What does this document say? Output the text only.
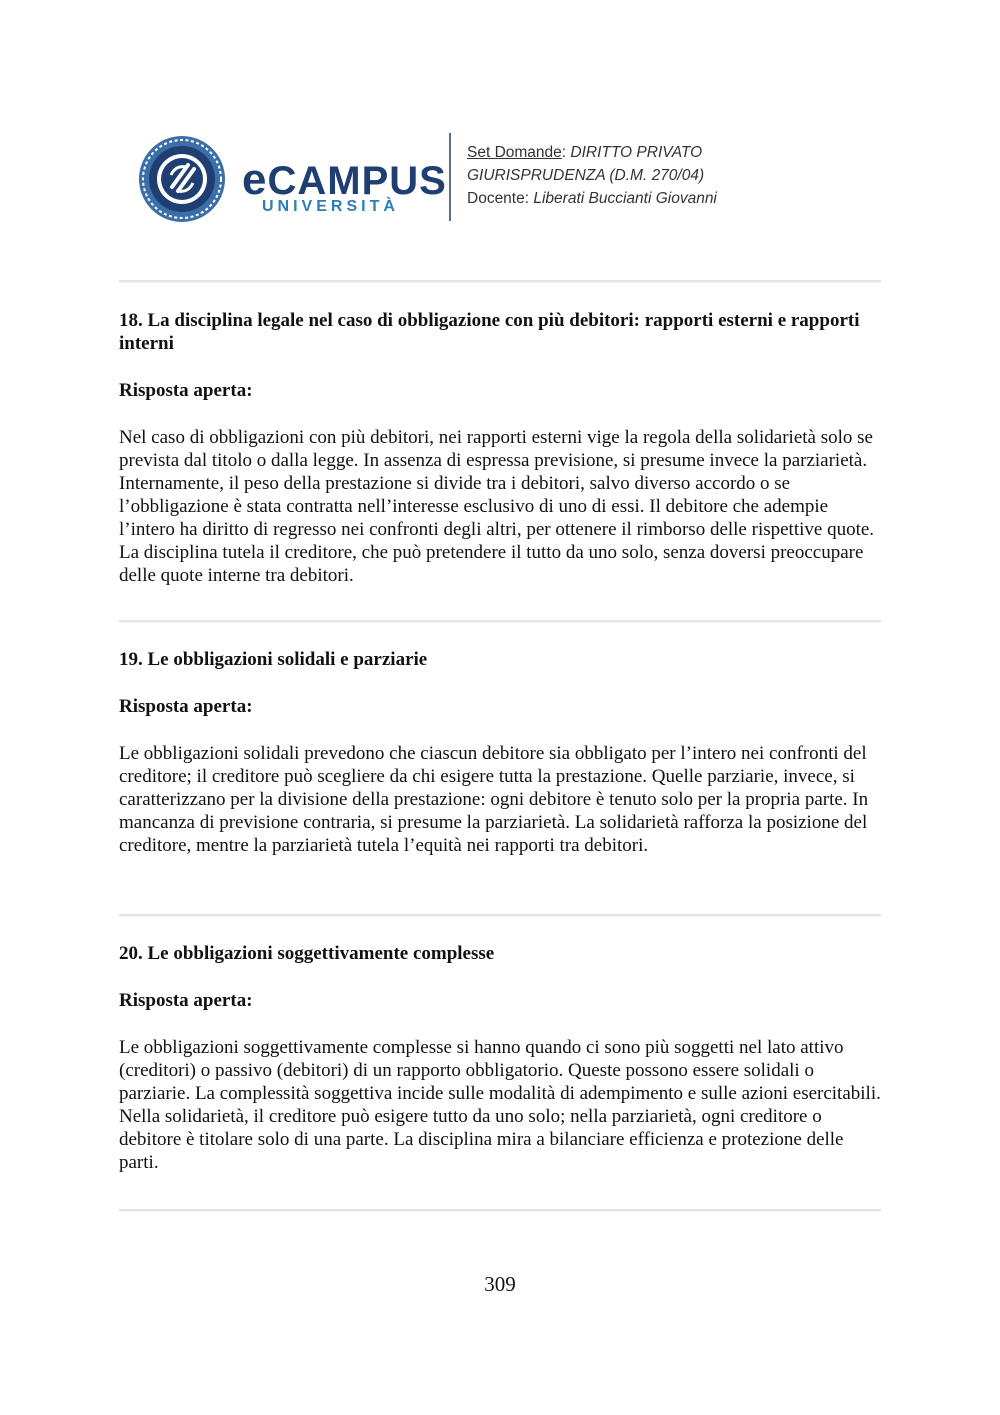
eCAMPUS
UNIVERSITÀ
Set Domande: DIRITTO PRIVATO
GIURISPRUDENZA (D.M. 270/04)
Docente: Liberati Buccianti Giovanni

18. La disciplina legale nel caso di obbligazione con più debitori: rapporti esterni e rapporti interni

Risposta aperta:

Nel caso di obbligazioni con più debitori, nei rapporti esterni vige la regola della solidarietà solo se prevista dal titolo o dalla legge. In assenza di espressa previsione, si presume invece la parziarietà. Internamente, il peso della prestazione si divide tra i debitori, salvo diverso accordo o se l’obbligazione è stata contratta nell’interesse esclusivo di uno di essi. Il debitore che adempie l’intero ha diritto di regresso nei confronti degli altri, per ottenere il rimborso delle rispettive quote. La disciplina tutela il creditore, che può pretendere il tutto da uno solo, senza doversi preoccupare delle quote interne tra debitori.

19. Le obbligazioni solidali e parziarie

Risposta aperta:

Le obbligazioni solidali prevedono che ciascun debitore sia obbligato per l’intero nei confronti del creditore; il creditore può scegliere da chi esigere tutta la prestazione. Quelle parziarie, invece, si caratterizzano per la divisione della prestazione: ogni debitore è tenuto solo per la propria parte. In mancanza di previsione contraria, si presume la parziarietà. La solidarietà rafforza la posizione del creditore, mentre la parziarietà tutela l’equità nei rapporti tra debitori.

20. Le obbligazioni soggettivamente complesse

Risposta aperta:

Le obbligazioni soggettivamente complesse si hanno quando ci sono più soggetti nel lato attivo (creditori) o passivo (debitori) di un rapporto obbligatorio. Queste possono essere solidali o parziarie. La complessità soggettiva incide sulle modalità di adempimento e sulle azioni esercitabili. Nella solidarietà, il creditore può esigere tutto da uno solo; nella parziarietà, ogni creditore o debitore è titolare solo di una parte. La disciplina mira a bilanciare efficienza e protezione delle parti.

309
